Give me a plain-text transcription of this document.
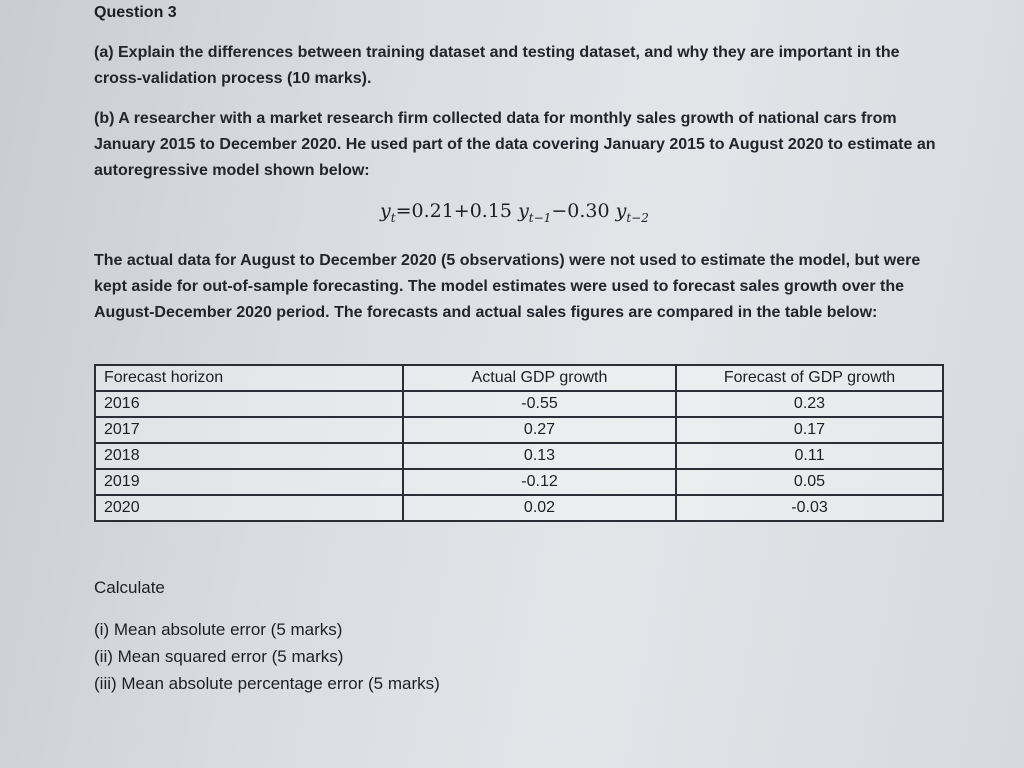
Question 3
(a) Explain the differences between training dataset and testing dataset, and why they are important in the cross-validation process (10 marks).
(b) A researcher with a market research firm collected data for monthly sales growth of national cars from January 2015 to December 2020. He used part of the data covering January 2015 to August 2020 to estimate an autoregressive model shown below:
$y_t=0.21+0.15$ $y_{t-1}-0.30$ $y_{t-2}$
The actual data for August to December 2020 (5 observations) were not used to estimate the model, but were kept aside for out-of-sample forecasting. The model estimates were used to forecast sales growth over the August-December 2020 period. The forecasts and actual sales figures are compared in the table below:
Forecast horizon	Actual GDP growth	Forecast of GDP growth
2016	-0.55	0.23
2017	0.27	0.17
2018	0.13	0.11
2019	-0.12	0.05
2020	0.02	-0.03
Calculate
(i) Mean absolute error (5 marks)
(ii) Mean squared error (5 marks)
(iii) Mean absolute percentage error (5 marks)
